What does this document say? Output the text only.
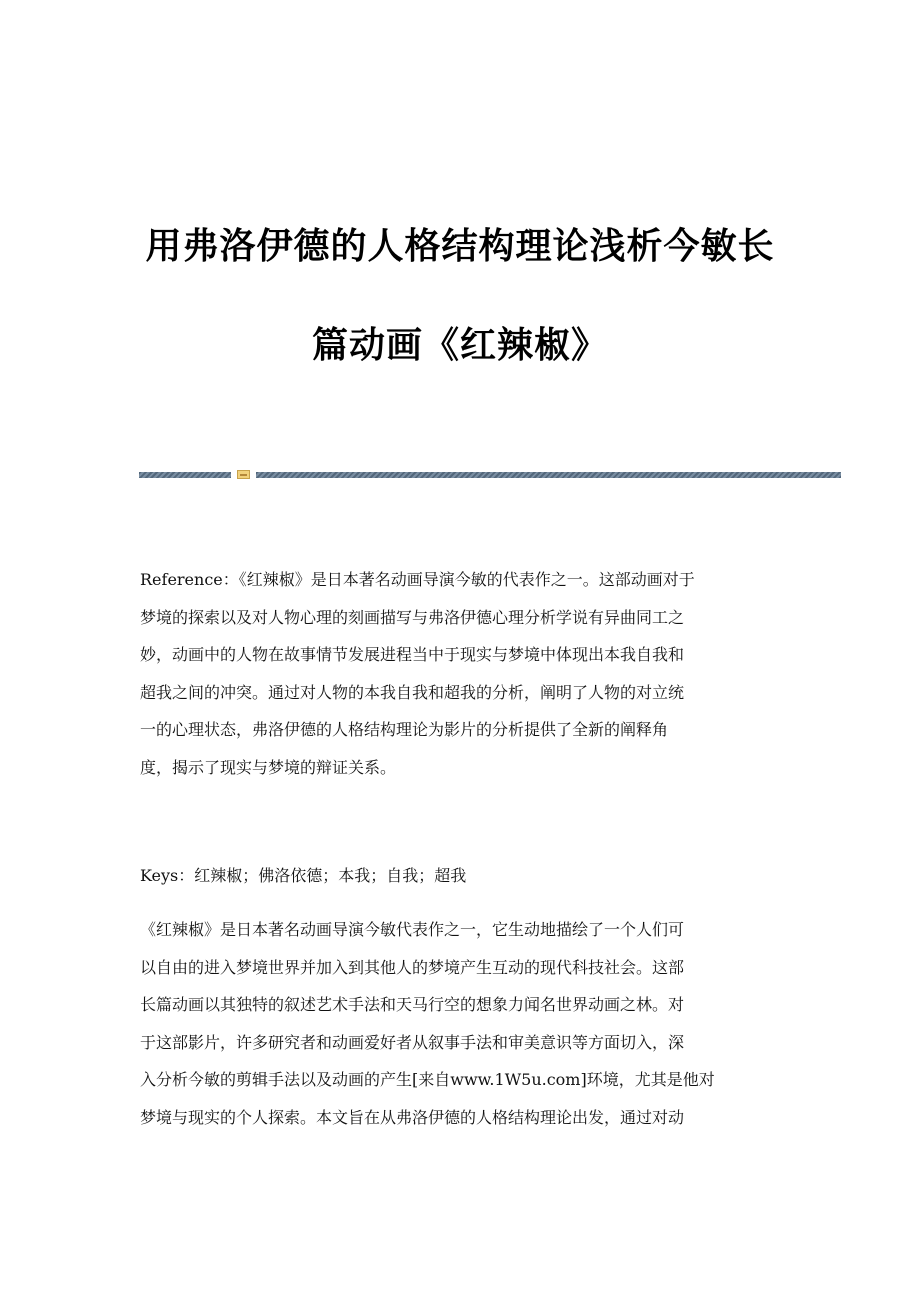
用弗洛伊德的人格结构理论浅析今敏长
篇动画《红辣椒》
Reference：《红辣椒》是日本著名动画导演今敏的代表作之一。这部动画对于
梦境的探索以及对人物心理的刻画描写与弗洛伊德心理分析学说有异曲同工之
妙，动画中的人物在故事情节发展进程当中于现实与梦境中体现出本我自我和
超我之间的冲突。通过对人物的本我自我和超我的分析，阐明了人物的对立统
一的心理状态，弗洛伊德的人格结构理论为影片的分析提供了全新的阐释角
度，揭示了现实与梦境的辩证关系。
Keys：红辣椒；佛洛依德；本我；自我；超我
《红辣椒》是日本著名动画导演今敏代表作之一，它生动地描绘了一个人们可
以自由的进入梦境世界并加入到其他人的梦境产生互动的现代科技社会。这部
长篇动画以其独特的叙述艺术手法和天马行空的想象力闻名世界动画之林。对
于这部影片，许多研究者和动画爱好者从叙事手法和审美意识等方面切入，深
入分析今敏的剪辑手法以及动画的产生[来自www.1W5u.com]环境，尤其是他对
梦境与现实的个人探索。本文旨在从弗洛伊德的人格结构理论出发，通过对动
